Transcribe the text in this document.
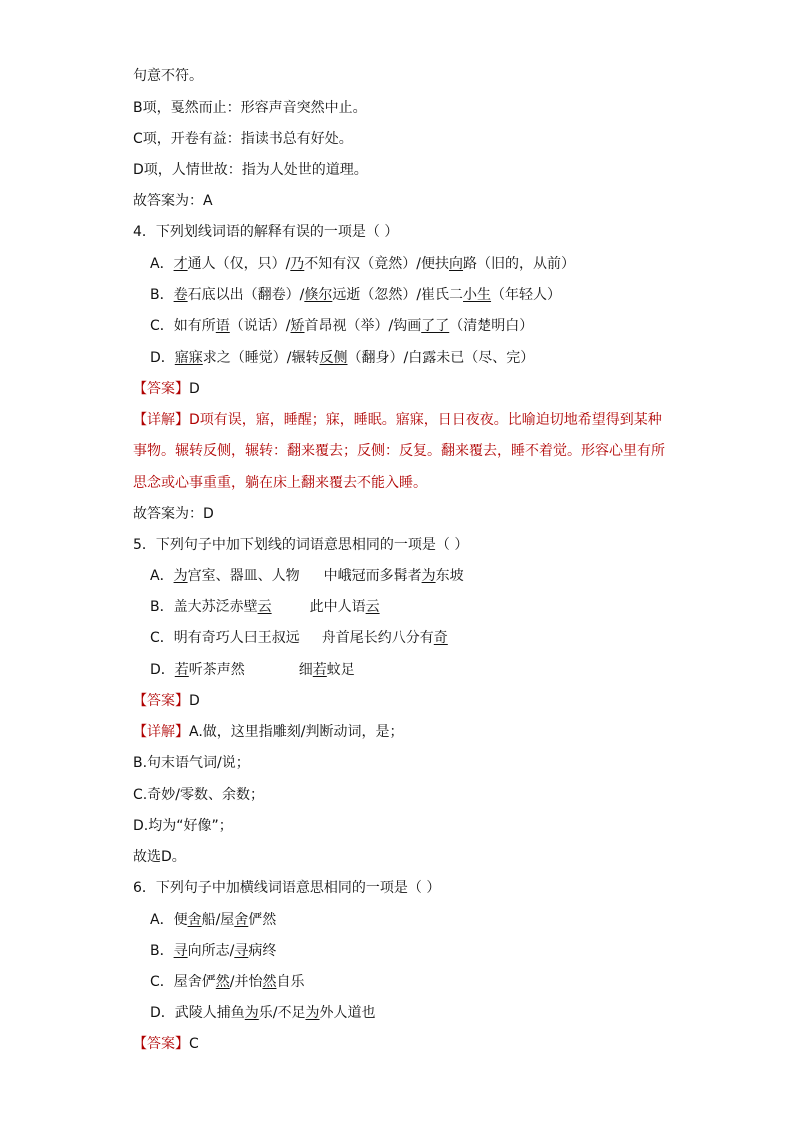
句意不符。
B项，戛然而止：形容声音突然中止。
C项，开卷有益：指读书总有好处。
D项，人情世故：指为人处世的道理。
故答案为：A
4．下列划线词语的解释有误的一项是（ ）
A．才通人（仅，只）/乃不知有汉（竟然）/便扶向路（旧的，从前）
B．卷石底以出（翻卷）/倏尔远逝（忽然）/崔氏二小生（年轻人）
C．如有所语（说话）/矫首昂视（举）/钩画了了（清楚明白）
D．寤寐求之（睡觉）/辗转反侧（翻身）/白露未已（尽、完）
【答案】D
【详解】D项有误，寤，睡醒；寐，睡眠。寤寐，日日夜夜。比喻迫切地希望得到某种
事物。辗转反侧，辗转：翻来覆去；反侧：反复。翻来覆去，睡不着觉。形容心里有所
思念或心事重重，躺在床上翻来覆去不能入睡。
故答案为：D
5．下列句子中加下划线的词语意思相同的一项是（ ）
A．为宫室、器皿、人物 中峨冠而多髯者为东坡
B．盖大苏泛赤壁云	此中人语云
C．明有奇巧人曰王叔远 舟首尾长约八分有奇
D．若听茶声然	细若蚊足
【答案】D
【详解】A.做，这里指雕刻/判断动词，是；
B.句末语气词/说；
C.奇妙/零数、余数；
D.均为“好像”；
故选D。
6．下列句子中加横线词语意思相同的一项是（ ）
A．便舍船/屋舍俨然
B．寻向所志/寻病终
C．屋舍俨然/并怡然自乐
D．武陵人捕鱼为乐/不足为外人道也
【答案】C
